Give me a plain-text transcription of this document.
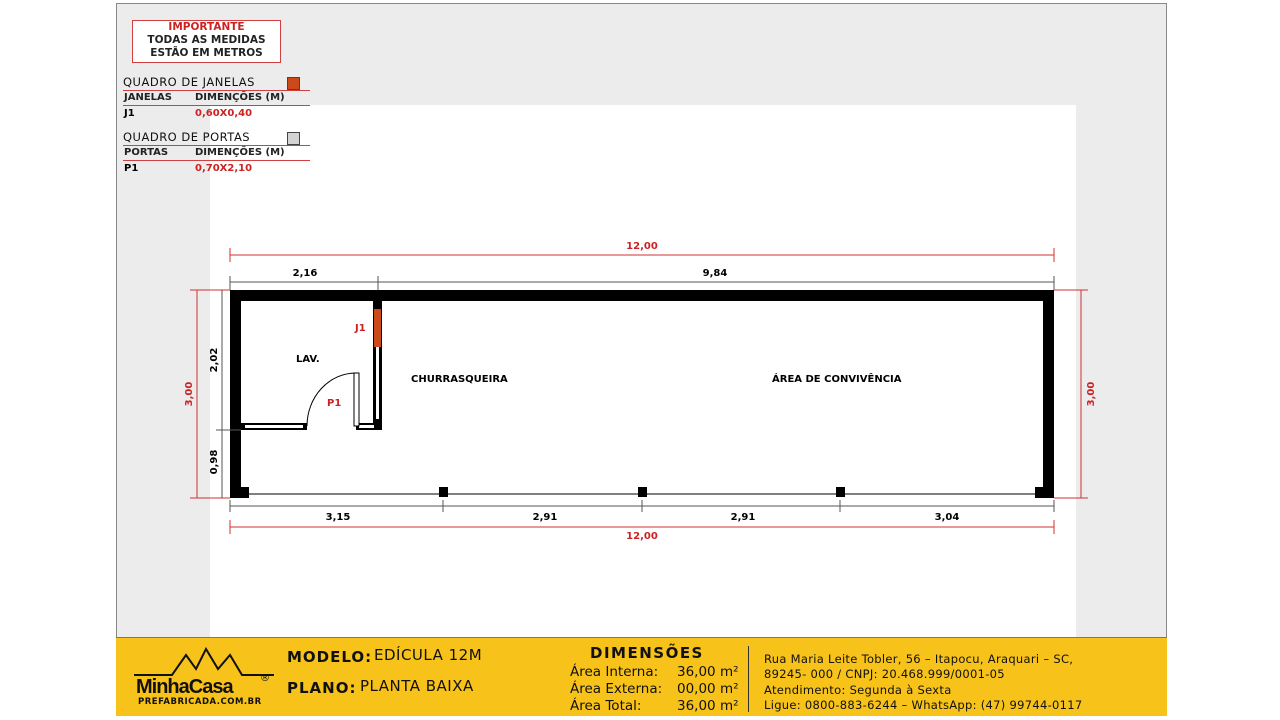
IMPORTANTE
TODAS AS MEDIDAS
ESTÃO EM METROS
QUADRO DE JANELAS
JANELAS DIMENÇÕES (M)
J1	0,60X0,40
QUADRO DE PORTAS
PORTAS	DIMENÇÕES (M)
P1	0,70X2,10
LAV.
CHURRASQUEIRA	ÁREA DE CONVIVÊNCIA
J1
P1
12,00
2,16	9,84
3,00
2,02
0,98
3,00
3,15	2,91	2,91	3,04
12,00
MinhaCasa	®
PREFABRICADA.COM.BR
MODELO: EDÍCULA 12M
PLANO: PLANTA BAIXA
DIMENSÕES
Área Interna: 36,00 m²
Área Externa: 00,00 m²
Área Total:	36,00 m²
Rua Maria Leite Tobler, 56 – Itapocu, Araquari – SC,
89245- 000 / CNPJ: 20.468.999/0001-05
Atendimento: Segunda à Sexta
Ligue: 0800-883-6244 – WhatsApp: (47) 99744-0117
